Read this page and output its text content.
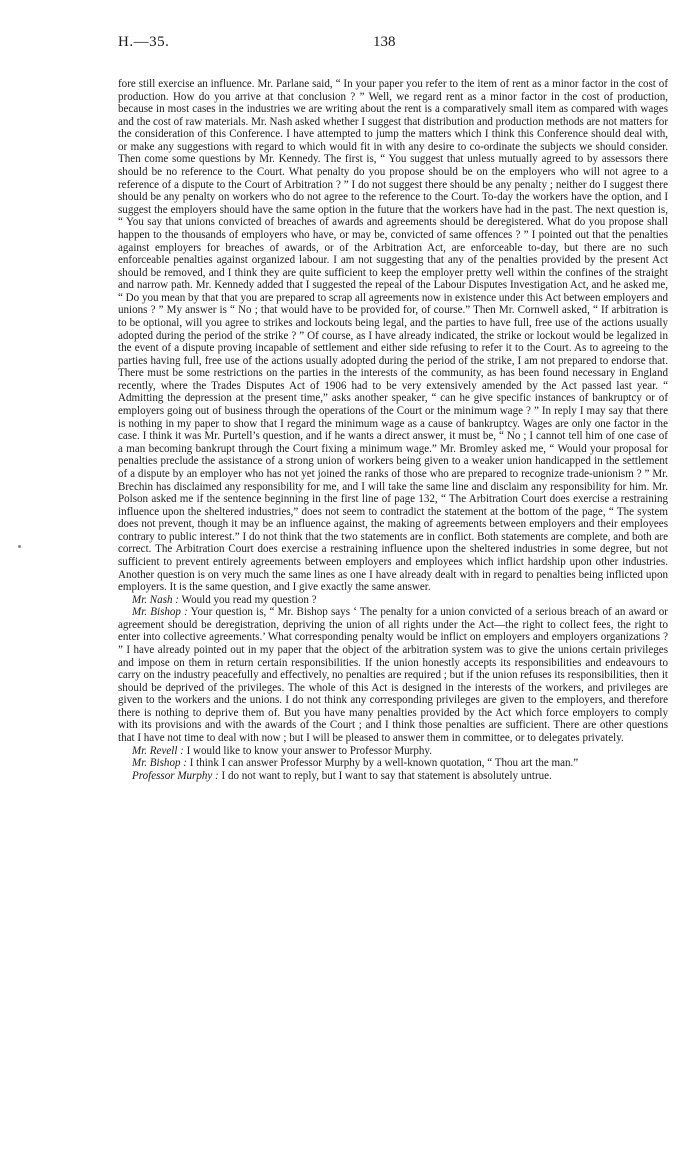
H.—35.	138

fore still exercise an influence. Mr. Parlane said, “ In your paper you refer to the item of rent as a minor factor in the cost of production. How do you arrive at that conclusion ? ” Well, we regard rent as a minor factor in the cost of production, because in most cases in the industries we are writing about the rent is a comparatively small item as compared with wages and the cost of raw materials. Mr. Nash asked whether I suggest that distribution and production methods are not matters for the consideration of this Conference. I have attempted to jump the matters which I think this Conference should deal with, or make any suggestions with regard to which would fit in with any desire to co-ordinate the subjects we should consider. Then come some questions by Mr. Kennedy. The first is, “ You suggest that unless mutually agreed to by assessors there should be no reference to the Court. What penalty do you propose should be on the employers who will not agree to a reference of a dispute to the Court of Arbitration ? ” I do not suggest there should be any penalty ; neither do I suggest there should be any penalty on workers who do not agree to the reference to the Court. To-day the workers have the option, and I suggest the employers should have the same option in the future that the workers have had in the past. The next question is, “ You say that unions convicted of breaches of awards and agreements should be deregistered. What do you propose shall happen to the thousands of employers who have, or may be, convicted of same offences ? ” I pointed out that the penalties against employers for breaches of awards, or of the Arbitration Act, are enforceable to-day, but there are no such enforceable penalties against organized labour. I am not suggesting that any of the penalties provided by the present Act should be removed, and I think they are quite sufficient to keep the employer pretty well within the confines of the straight and narrow path. Mr. Kennedy added that I suggested the repeal of the Labour Disputes Investigation Act, and he asked me, “ Do you mean by that that you are prepared to scrap all agreements now in existence under this Act between employers and unions ? ” My answer is “ No ; that would have to be provided for, of course.” Then Mr. Cornwell asked, “ If arbitration is to be optional, will you agree to strikes and lockouts being legal, and the parties to have full, free use of the actions usually adopted during the period of the strike ? ” Of course, as I have already indicated, the strike or lockout would be legalized in the event of a dispute proving incapable of settlement and either side refusing to refer it to the Court. As to agreeing to the parties having full, free use of the actions usually adopted during the period of the strike, I am not prepared to endorse that. There must be some restrictions on the parties in the interests of the community, as has been found necessary in England recently, where the Trades Disputes Act of 1906 had to be very extensively amended by the Act passed last year. “ Admitting the depression at the present time,” asks another speaker, “ can he give specific instances of bankruptcy or of employers going out of business through the operations of the Court or the minimum wage ? ” In reply I may say that there is nothing in my paper to show that I regard the minimum wage as a cause of bankruptcy. Wages are only one factor in the case. I think it was Mr. Purtell’s question, and if he wants a direct answer, it must be, “ No ; I cannot tell him of one case of a man becoming bankrupt through the Court fixing a minimum wage.” Mr. Bromley asked me, “ Would your proposal for penalties preclude the assistance of a strong union of workers being given to a weaker union handicapped in the settlement of a dispute by an employer who has not yet joined the ranks of those who are prepared to recognize trade-unionism ? ” Mr. Brechin has disclaimed any responsibility for me, and I will take the same line and disclaim any responsibility for him. Mr. Polson asked me if the sentence beginning in the first line of page 132, “ The Arbitration Court does exercise a restraining influence upon the sheltered industries,” does not seem to contradict the statement at the bottom of the page, “ The system does not prevent, though it may be an influence against, the making of agreements between employers and their employees contrary to public interest.” I do not think that the two statements are in conflict. Both statements are complete, and both are correct. The Arbitration Court does exercise a restraining influence upon the sheltered industries in some degree, but not sufficient to prevent entirely agreements between employers and employees which inflict hardship upon other industries. Another question is on very much the same lines as one I have already dealt with in regard to penalties being inflicted upon employers. It is the same question, and I give exactly the same answer.

Mr. Nash : Would you read my question ?

Mr. Bishop : Your question is, “ Mr. Bishop says ‘ The penalty for a union convicted of a serious breach of an award or agreement should be deregistration, depriving the union of all rights under the Act—the right to collect fees, the right to enter into collective agreements.’ What corresponding penalty would be inflict on employers and employers organizations ? ” I have already pointed out in my paper that the object of the arbitration system was to give the unions certain privileges and impose on them in return certain responsibilities. If the union honestly accepts its responsibilities and endeavours to carry on the industry peacefully and effectively, no penalties are required ; but if the union refuses its responsibilities, then it should be deprived of the privileges. The whole of this Act is designed in the interests of the workers, and privileges are given to the workers and the unions. I do not think any corresponding privileges are given to the employers, and therefore there is nothing to deprive them of. But you have many penalties provided by the Act which force employers to comply with its provisions and with the awards of the Court ; and I think those penalties are sufficient. There are other questions that I have not time to deal with now ; but I will be pleased to answer them in committee, or to delegates privately.

Mr. Revell : I would like to know your answer to Professor Murphy.

Mr. Bishop : I think I can answer Professor Murphy by a well-known quotation, “ Thou art the man.”

Professor Murphy : I do not want to reply, but I want to say that statement is absolutely untrue.
